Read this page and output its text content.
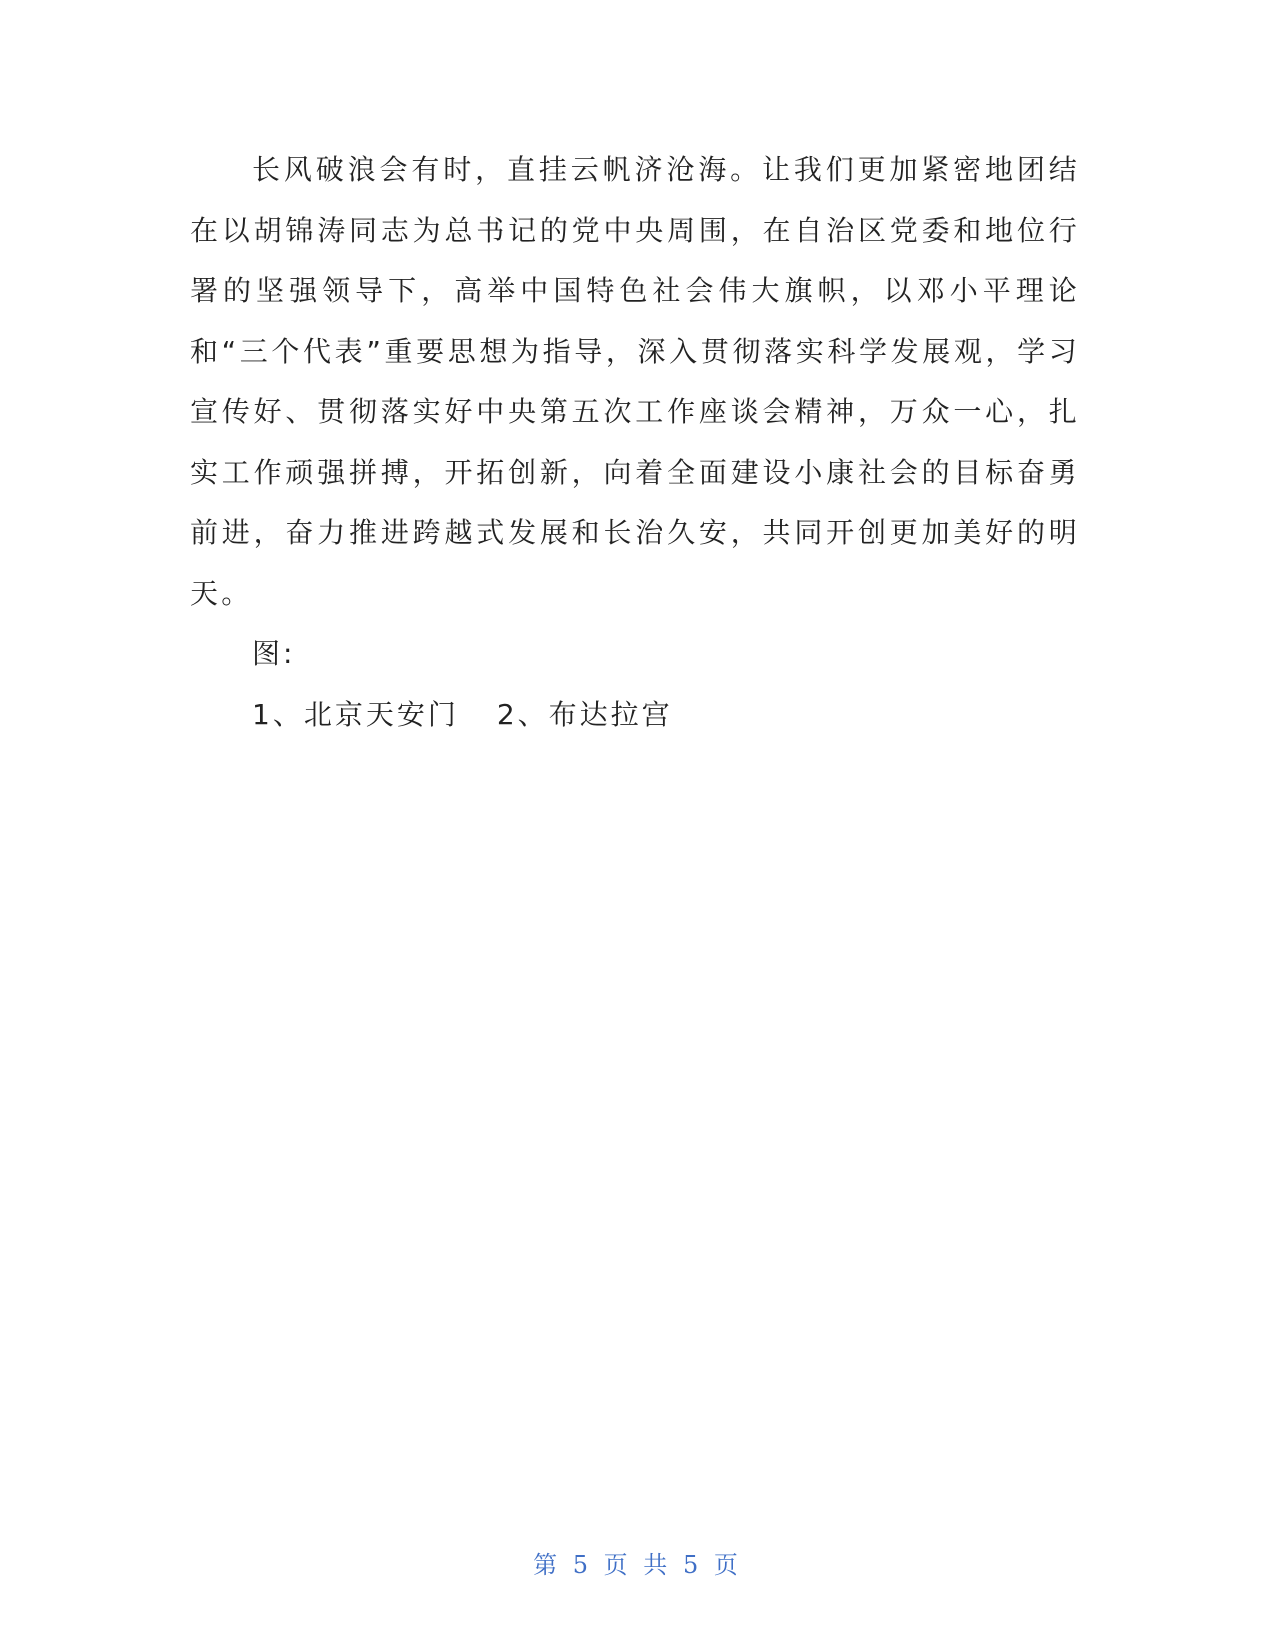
长风破浪会有时，直挂云帆济沧海。让我们更加紧密地团结在以胡锦涛同志为总书记的党中央周围，在自治区党委和地位行署的坚强领导下，高举中国特色社会伟大旗帜，以邓小平理论和“三个代表”重要思想为指导，深入贯彻落实科学发展观，学习宣传好、贯彻落实好中央第五次工作座谈会精神，万众一心，扎实工作顽强拼搏，开拓创新，向着全面建设小康社会的目标奋勇前进，奋力推进跨越式发展和长治久安，共同开创更加美好的明天。

图:

1、北京天安门 2、布达拉宫

第 5 页 共 5 页
